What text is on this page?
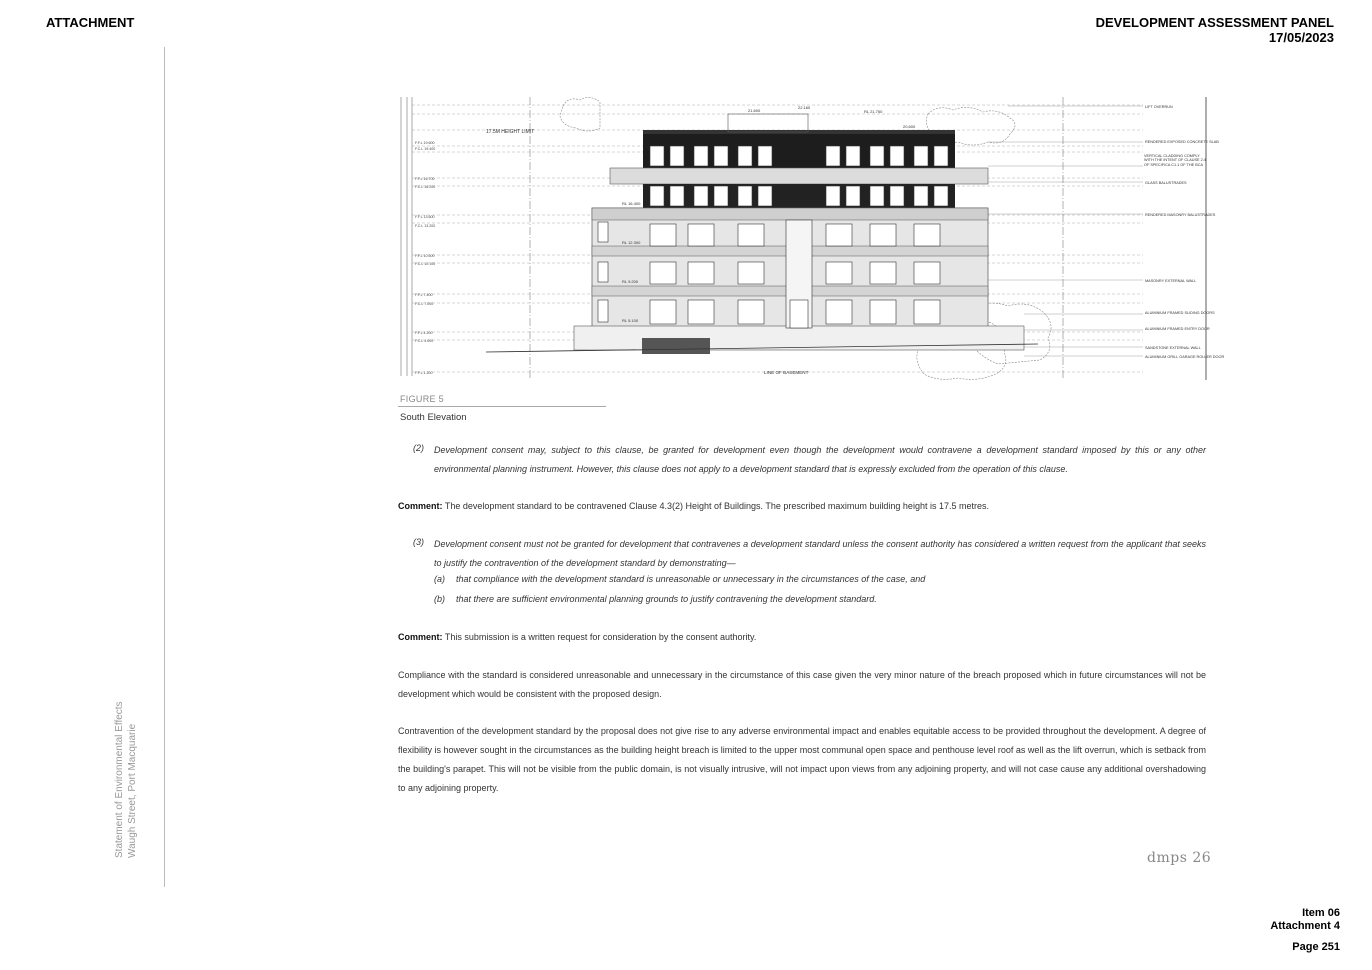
ATTACHMENT	DEVELOPMENT ASSESSMENT PANEL
17/05/2023
Statement of Environmental Effects Waugh Street, Port Macquarie
F.F.L 19.600
F.C.L 19.400
F.F.L 16.700
F.C.L 16.200
F.F.L 13.600
F.C.L 13.200
F.F.L 10.500
F.C.L 10.100
F.F.L 7.400
F.C.L 7.000
F.F.L 4.200
F.C.L 4.000
F.F.L 1.200
21.600
22.160
RL 21.750
20.600
RL 16.400
RL 12.300
RL 9.200
RL 5.100
17.5M HEIGHT LIMIT
LINE OF BASEMENT
LIFT OVERRUN
RENDERED EXPOSED CONCRETE SLAB
VERTICAL CLADDING COMPLY WITH THE INTENT OF CLAUSE 2.4 OF SPECIFICA C1.1 OF THE BCA
GLASS BALUSTRADES
RENDERED MASONRY BALUSTRADES
MASONRY EXTERNAL WALL
ALUMINIUM FRAMED SLIDING DOORS
ALUMINIUM FRAMED ENTRY DOOR
SANDSTONE EXTERNAL WALL
ALUMINIUM GRILL GARAGE ROLLER DOOR
FIGURE 5
South Elevation
(2) Development consent may, subject to this clause, be granted for development even though the development would contravene a development standard imposed by this or any other environmental planning instrument. However, this clause does not apply to a development standard that is expressly excluded from the operation of this clause.
Comment: The development standard to be contravened Clause 4.3(2) Height of Buildings. The prescribed maximum building height is 17.5 metres.
(3) Development consent must not be granted for development that contravenes a development standard unless the consent authority has considered a written request from the applicant that seeks to justify the contravention of the development standard by demonstrating—
(a) that compliance with the development standard is unreasonable or unnecessary in the circumstances of the case, and
(b) that there are sufficient environmental planning grounds to justify contravening the development standard.
Comment: This submission is a written request for consideration by the consent authority.
Compliance with the standard is considered unreasonable and unnecessary in the circumstance of this case given the very minor nature of the breach proposed which in future circumstances will not be development which would be consistent with the proposed design.
Contravention of the development standard by the proposal does not give rise to any adverse environmental impact and enables equitable access to be provided throughout the development. A degree of flexibility is however sought in the circumstances as the building height breach is limited to the upper most communal open space and penthouse level roof as well as the lift overrun, which is setback from the building's parapet. This will not be visible from the public domain, is not visually intrusive, will not impact upon views from any adjoining property, and will not case cause any additional overshadowing to any adjoining property.
dmps 26
Item 06
Attachment 4
Page 251
